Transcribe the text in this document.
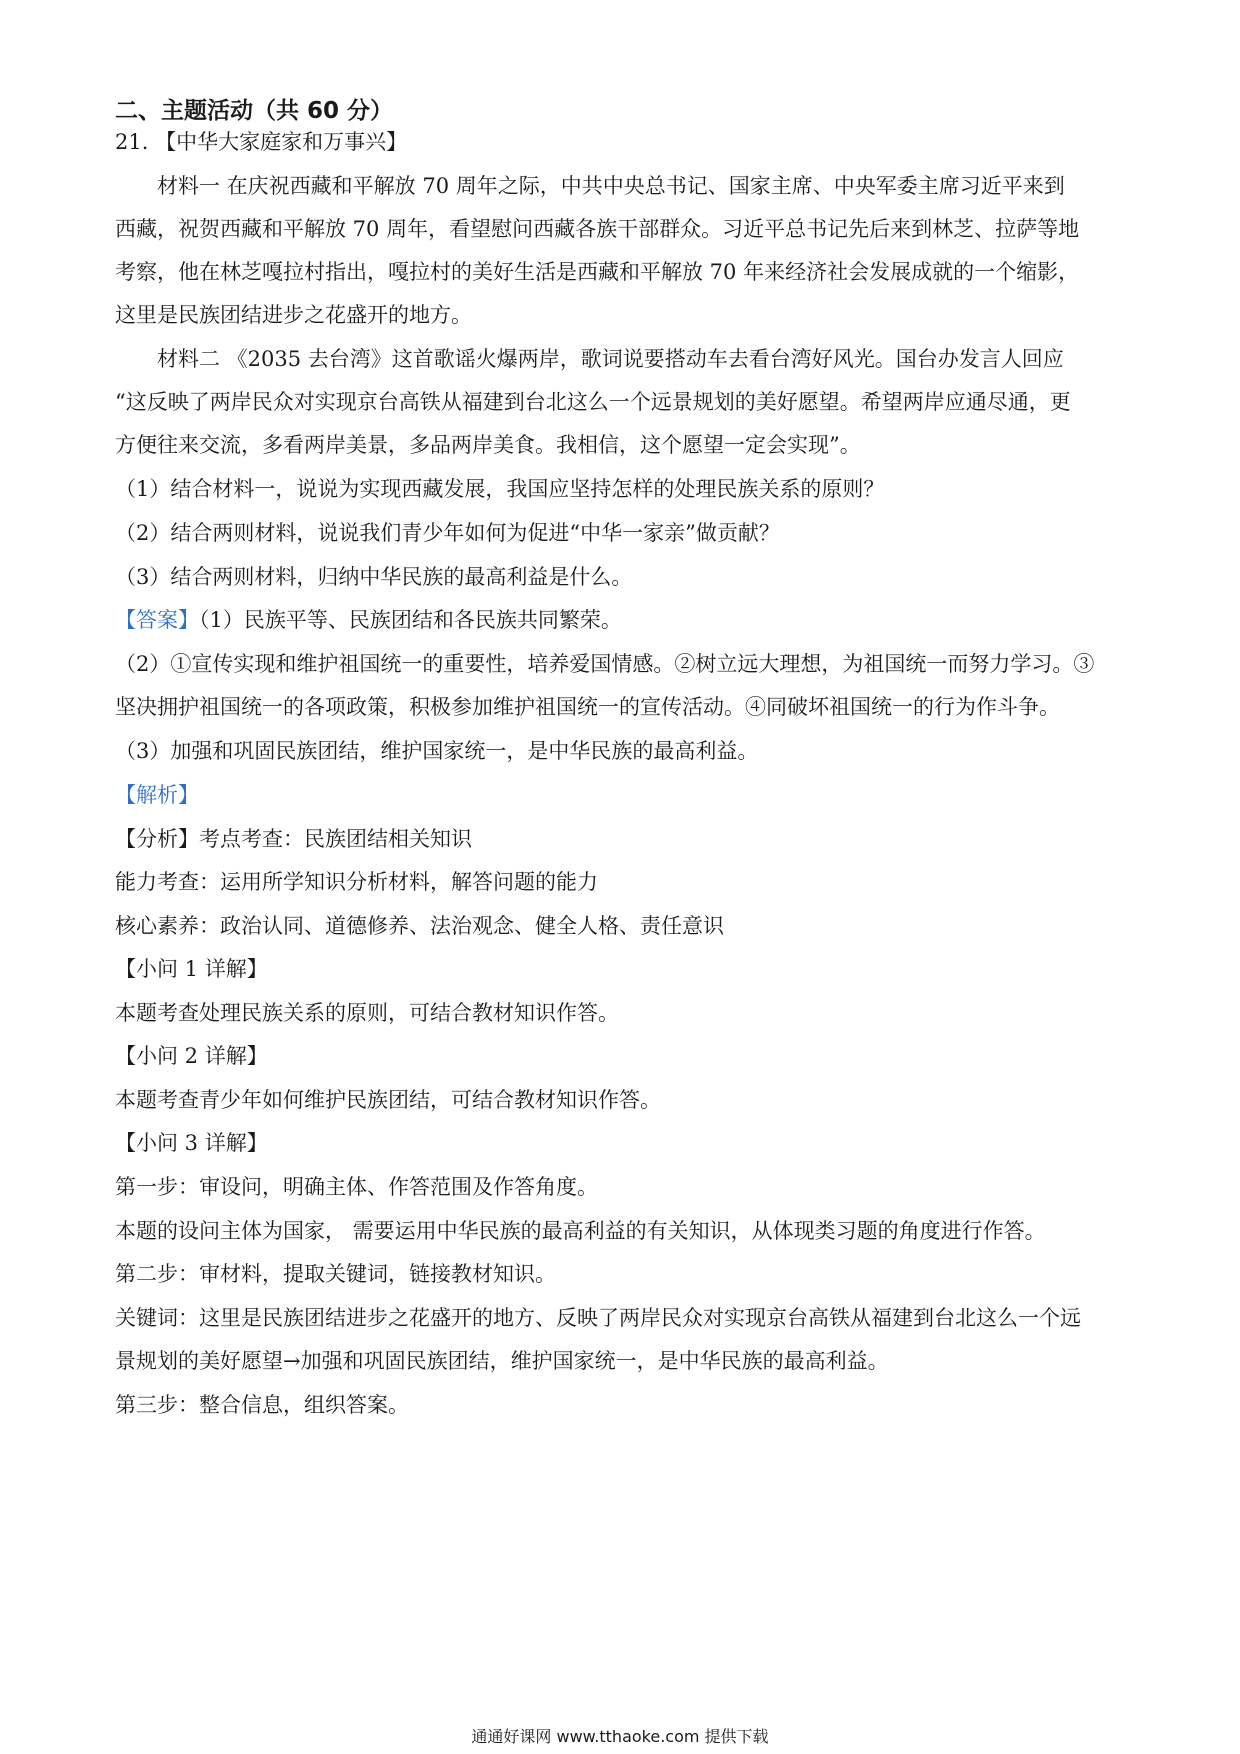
二、主题活动（共 60 分）
21. 【中华大家庭家和万事兴】
材料一 在庆祝西藏和平解放 70 周年之际，中共中央总书记、国家主席、中央军委主席习近平来到
西藏，祝贺西藏和平解放 70 周年，看望慰问西藏各族干部群众。习近平总书记先后来到林芝、拉萨等地
考察，他在林芝嘎拉村指出，嘎拉村的美好生活是西藏和平解放 70 年来经济社会发展成就的一个缩影，
这里是民族团结进步之花盛开的地方。
材料二 《2035 去台湾》这首歌谣火爆两岸，歌词说要搭动车去看台湾好风光。国台办发言人回应
“这反映了两岸民众对实现京台高铁从福建到台北这么一个远景规划的美好愿望。希望两岸应通尽通，更
方便往来交流，多看两岸美景，多品两岸美食。我相信，这个愿望一定会实现”。
（1）结合材料一，说说为实现西藏发展，我国应坚持怎样的处理民族关系的原则？
（2）结合两则材料，说说我们青少年如何为促进“中华一家亲”做贡献？
（3）结合两则材料，归纳中华民族的最高利益是什么。
【答案】（1）民族平等、民族团结和各民族共同繁荣。
（2）①宣传实现和维护祖国统一的重要性，培养爱国情感。②树立远大理想，为祖国统一而努力学习。③
坚决拥护祖国统一的各项政策，积极参加维护祖国统一的宣传活动。④同破坏祖国统一的行为作斗争。
（3）加强和巩固民族团结，维护国家统一，是中华民族的最高利益。
【解析】
【分析】考点考查：民族团结相关知识
能力考查：运用所学知识分析材料，解答问题的能力
核心素养：政治认同、道德修养、法治观念、健全人格、责任意识
【小问 1 详解】
本题考查处理民族关系的原则，可结合教材知识作答。
【小问 2 详解】
本题考查青少年如何维护民族团结，可结合教材知识作答。
【小问 3 详解】
第一步：审设问，明确主体、作答范围及作答角度。
本题的设问主体为国家， 需要运用中华民族的最高利益的有关知识，从体现类习题的角度进行作答。
第二步：审材料，提取关键词，链接教材知识。
关键词：这里是民族团结进步之花盛开的地方、反映了两岸民众对实现京台高铁从福建到台北这么一个远
景规划的美好愿望→加强和巩固民族团结，维护国家统一，是中华民族的最高利益。
第三步：整合信息，组织答案。
通通好课网 www.tthaoke.com 提供下载
